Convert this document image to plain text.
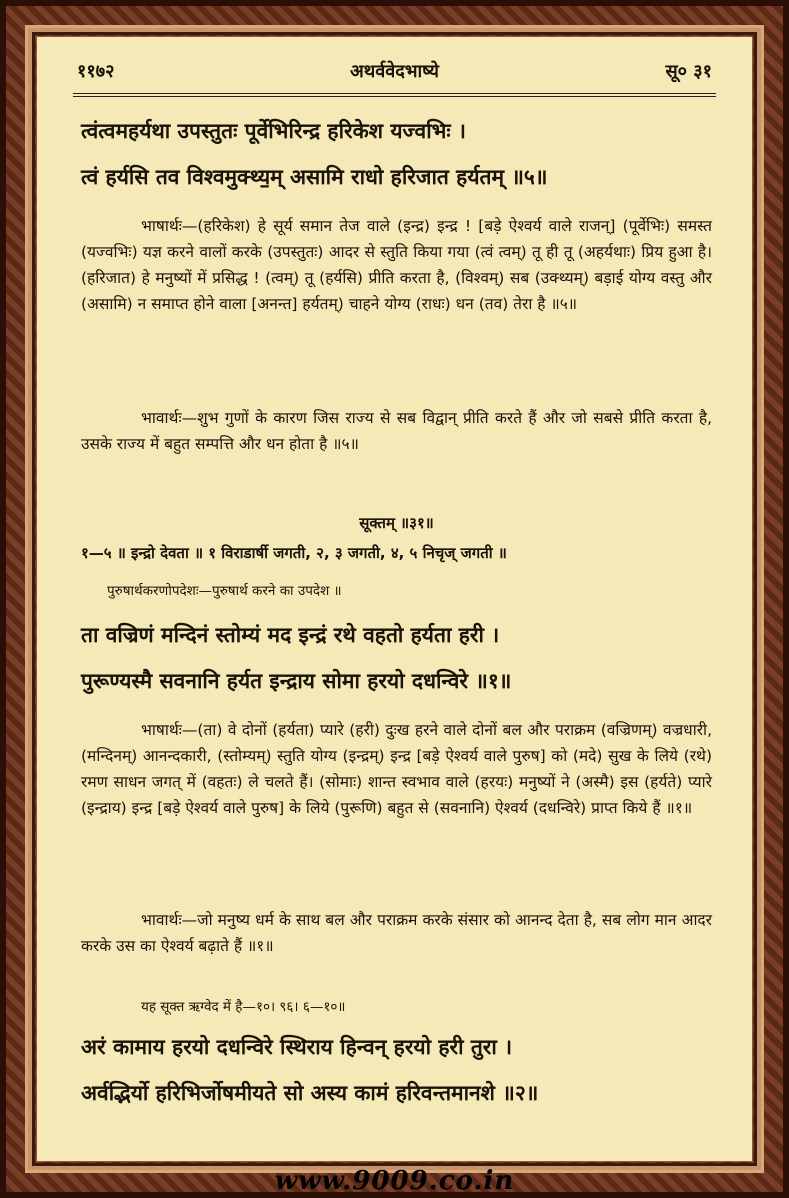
११७२	अथर्ववेदभाष्ये	सू० ३१
त्वंत्वमहर्यथा उपस्तुतः पूर्वेभिरिन्द्र हरिकेश यज्वभिः ।
त्वं हर्यसि तव विश्वमुक्थ्य॒म् असामि राधो हरिजात हर्यतम् ॥५॥
भाषार्थः—(हरिकेश) हे सूर्य समान तेज वाले (इन्द्र) इन्द्र ! [बड़े ऐश्वर्य वाले राजन्] (पूर्वेभिः) समस्त (यज्वभिः) यज्ञ करने वालों करके (उपस्तुतः) आदर से स्तुति किया गया (त्वं त्वम्) तू ही तू (अहर्यथाः) प्रिय हुआ है। (हरिजात) हे मनुष्यों में प्रसिद्ध ! (त्वम्) तू (हर्यसि) प्रीति करता है, (विश्वम्) सब (उक्थ्यम्) बड़ाई योग्य वस्तु और (असामि) न समाप्त होने वाला [अनन्त] हर्यतम्) चाहने योग्य (राधः) धन (तव) तेरा है ॥५॥
भावार्थः—शुभ गुणों के कारण जिस राज्य से सब विद्वान् प्रीति करते हैं और जो सबसे प्रीति करता है, उसके राज्य में बहुत सम्पत्ति और धन होता है ॥५॥
सूक्तम् ॥३१॥
१—५ ॥ इन्द्रो देवता ॥ १ विराडार्षी जगती, २, ३ जगती, ४, ५ निचृज् जगती ॥
पुरुषार्थकरणोपदेशः—पुरुषार्थ करने का उपदेश ॥
ता वज्रिणं मन्दिनं स्तोम्यं मद इन्द्रं रथे वहतो हर्यता हरी ।
पुरूण्यस्मै सवनानि हर्यत इन्द्राय सोमा हरयो दधन्विरे ॥१॥
भाषार्थः—(ता) वे दोनों (हर्यता) प्यारे (हरी) दुःख हरने वाले दोनों बल और पराक्रम (वज्रिणम्) वज्रधारी, (मन्दिनम्) आनन्दकारी, (स्तोम्यम्) स्तुति योग्य (इन्द्रम्) इन्द्र [बड़े ऐश्वर्य वाले पुरुष] को (मदे) सुख के लिये (रथे) रमण साधन जगत् में (वहतः) ले चलते हैं। (सोमाः) शान्त स्वभाव वाले (हरयः) मनुष्यों ने (अस्मै) इस (हर्यते) प्यारे (इन्द्राय) इन्द्र [बड़े ऐश्वर्य वाले पुरुष] के लिये (पुरूणि) बहुत से (सवनानि) ऐश्वर्य (दधन्विरे) प्राप्त किये हैं ॥१॥
भावार्थः—जो मनुष्य धर्म के साथ बल और पराक्रम करके संसार को आनन्द देता है, सब लोग मान आदर करके उस का ऐश्वर्य बढ़ाते हैं ॥१॥
यह सूक्त ऋग्वेद में है—१०। ९६। ६—१०॥
अरं कामाय हरयो दधन्विरे स्थिराय हिन्वन् हरयो हरी तुरा ।
अर्वद्भिर्यो हरिभिर्जोषमीयते सो अस्य कामं हरिवन्तमानशे ॥२॥
www.9009.co.in
